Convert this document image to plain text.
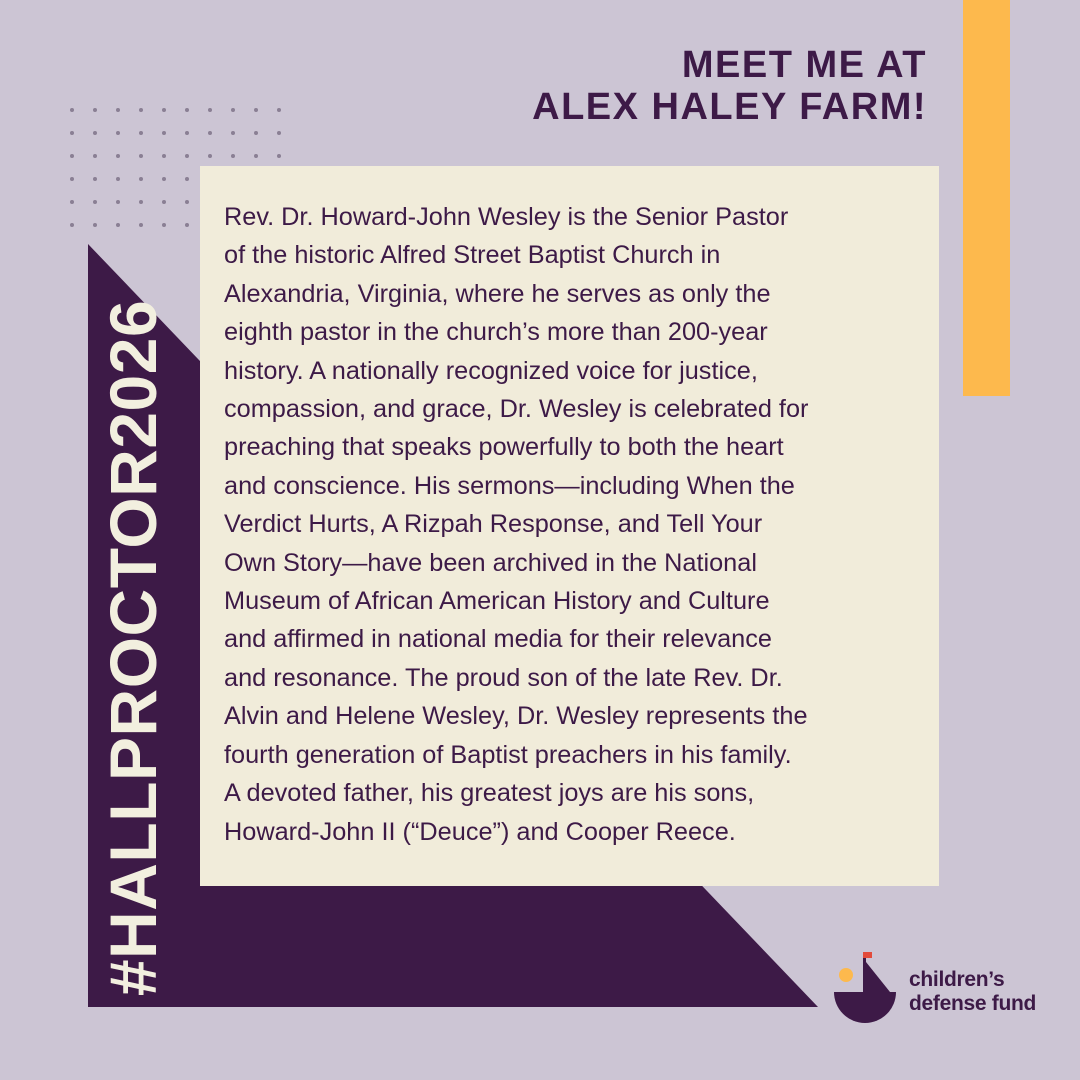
MEET ME AT
ALEX HALEY FARM!
#HALLPROCTOR2026

Rev. Dr. Howard-John Wesley is the Senior Pastor
of the historic Alfred Street Baptist Church in
Alexandria, Virginia, where he serves as only the
eighth pastor in the church’s more than 200-year
history. A nationally recognized voice for justice,
compassion, and grace, Dr. Wesley is celebrated for
preaching that speaks powerfully to both the heart
and conscience. His sermons—including When the
Verdict Hurts, A Rizpah Response, and Tell Your
Own Story—have been archived in the National
Museum of African American History and Culture
and affirmed in national media for their relevance
and resonance. The proud son of the late Rev. Dr.
Alvin and Helene Wesley, Dr. Wesley represents the
fourth generation of Baptist preachers in his family.
A devoted father, his greatest joys are his sons,
Howard-John II (“Deuce”) and Cooper Reece.

children’s
defense fund
